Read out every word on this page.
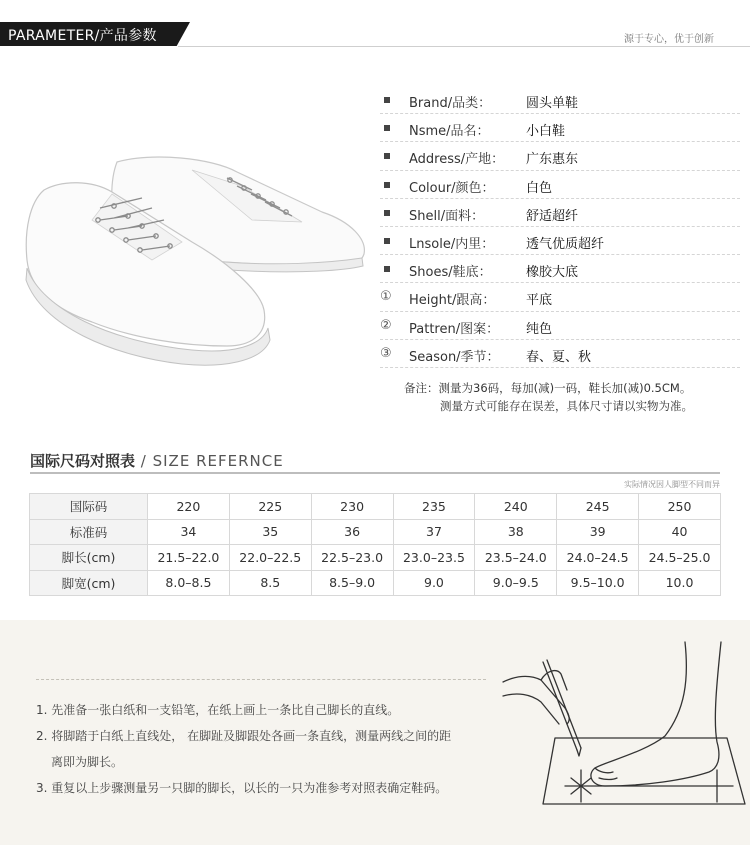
PARAMETER/产品参数	源于专心，优于创新
Brand/品类：	圆头单鞋
Nsme/品名：	小白鞋
Address/产地： 广东惠东
Colour/颜色： 白色
Shell/面料：	舒适超纤
Lnsole/内里： 透气优质超纤
Shoes/鞋底：	橡胶大底
①	Height/跟高： 平底
②	Pattren/图案： 纯色
③	Season/季节： 春、夏、秋
备注：测量为36码，每加(减)一码，鞋长加(减)0.5CM。
测量方式可能存在误差，具体尺寸请以实物为准。
国际尺码对照表 / SIZE REFERNCE
实际情况因人脚型不同而异
国际码	220	225	230	235	240	245	250
标准码	34	35	36	37	38	39	40
脚长(cm)	21.5–22.0	22.0–22.5	22.5–23.0	23.0–23.5	23.5–24.0	24.0–24.5	24.5–25.0
脚宽(cm)	8.0–8.5	8.5	8.5–9.0	9.0	9.0–9.5	9.5–10.0	10.0
1. 先准备一张白纸和一支铅笔，在纸上画上一条比自己脚长的直线。
2. 将脚踏于白纸上直线处， 在脚趾及脚跟处各画一条直线，测量两线之间的距
离即为脚长。
3. 重复以上步骤测量另一只脚的脚长，以长的一只为准参考对照表确定鞋码。
